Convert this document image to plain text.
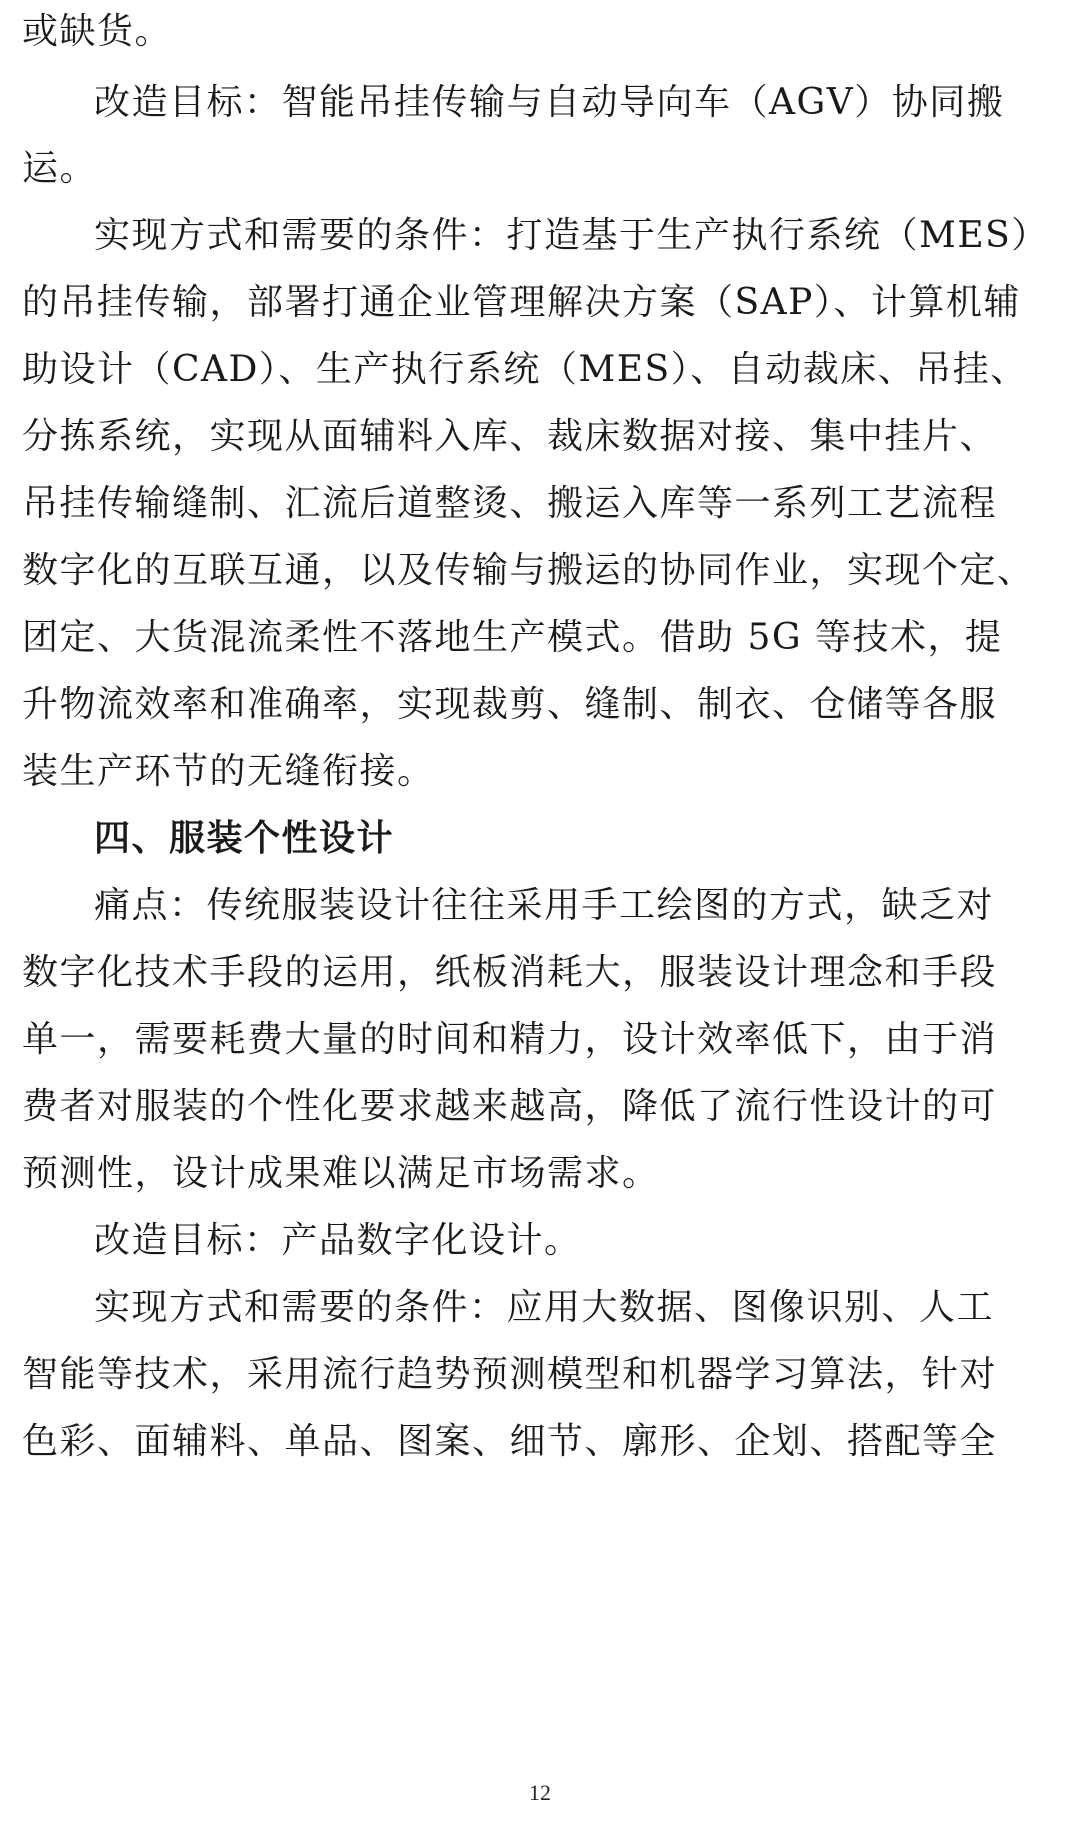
或缺货。
改造目标：智能吊挂传输与自动导向车（AGV）协同搬
运。
实现方式和需要的条件：打造基于生产执行系统（MES）
的吊挂传输，部署打通企业管理解决方案（SAP）、计算机辅
助设计（CAD）、生产执行系统（MES）、自动裁床、吊挂、
分拣系统，实现从面辅料入库、裁床数据对接、集中挂片、
吊挂传输缝制、汇流后道整烫、搬运入库等一系列工艺流程
数字化的互联互通，以及传输与搬运的协同作业，实现个定、
团定、大货混流柔性不落地生产模式。借助 5G 等技术，提
升物流效率和准确率，实现裁剪、缝制、制衣、仓储等各服
装生产环节的无缝衔接。
四、服装个性设计
痛点：传统服装设计往往采用手工绘图的方式，缺乏对
数字化技术手段的运用，纸板消耗大，服装设计理念和手段
单一，需要耗费大量的时间和精力，设计效率低下，由于消
费者对服装的个性化要求越来越高，降低了流行性设计的可
预测性，设计成果难以满足市场需求。
改造目标：产品数字化设计。
实现方式和需要的条件：应用大数据、图像识别、人工
智能等技术，采用流行趋势预测模型和机器学习算法，针对
色彩、面辅料、单品、图案、细节、廓形、企划、搭配等全
12
